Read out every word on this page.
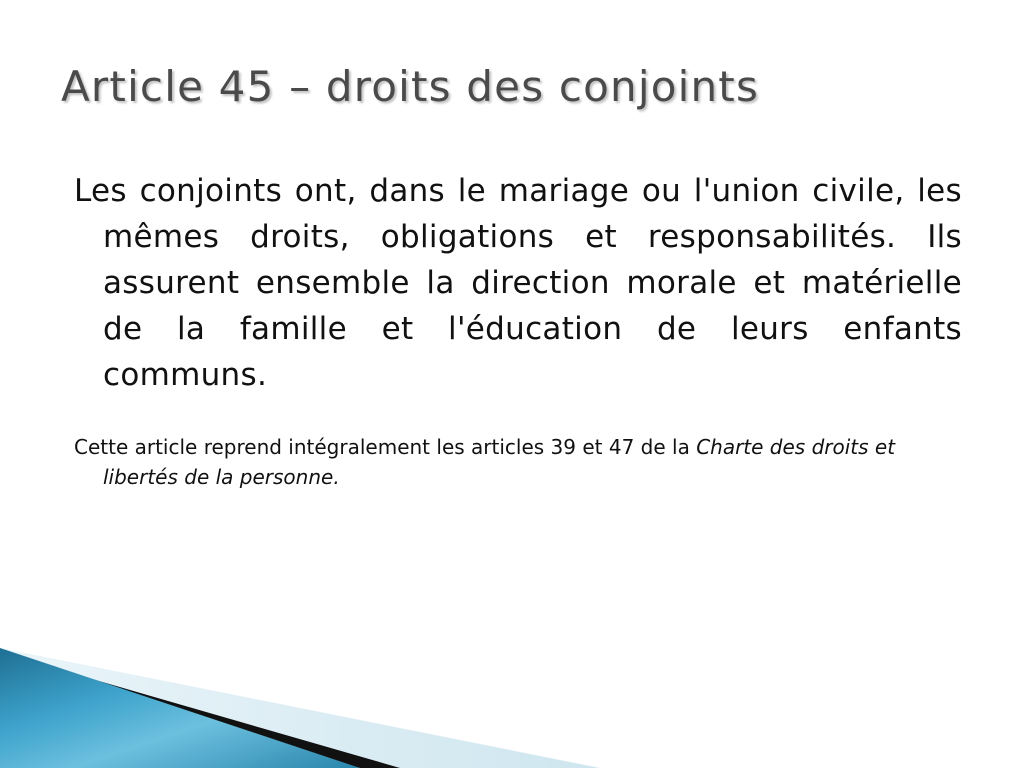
Article 45 – droits des conjoints

Les conjoints ont, dans le mariage ou l'union civile, les mêmes droits, obligations et responsabilités. Ils assurent ensemble la direction morale et matérielle de la famille et l'éducation de leurs enfants communs.

Cette article reprend intégralement les articles 39 et 47 de la Charte des droits et libertés de la personne.
